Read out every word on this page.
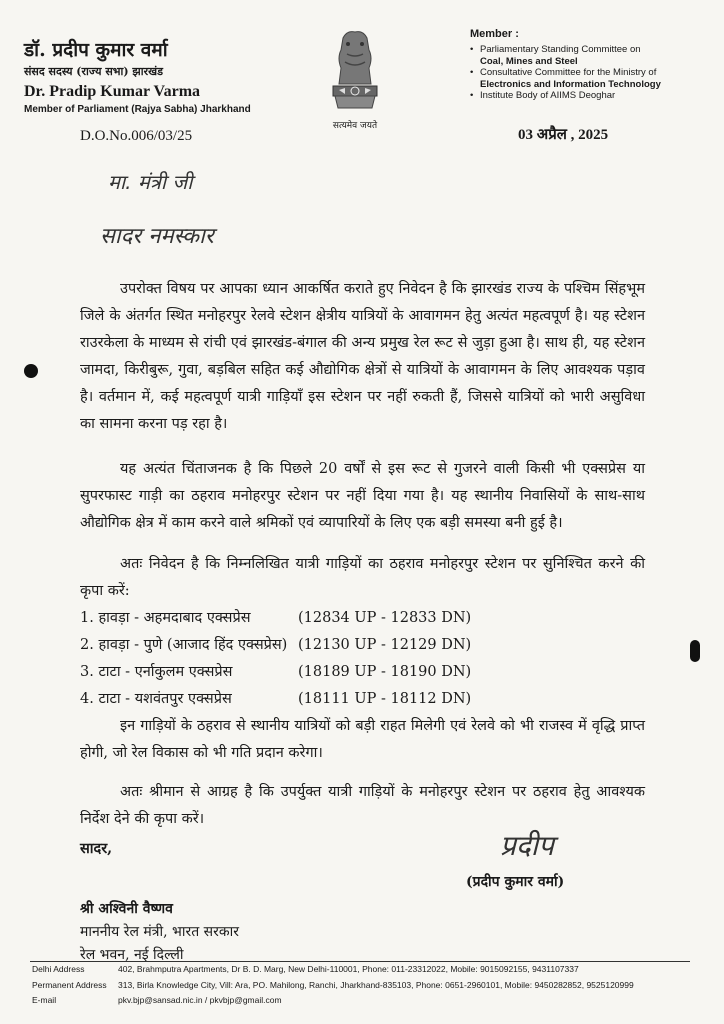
डॉ. प्रदीप कुमार वर्मा
संसद सदस्य (राज्य सभा) झारखंड
Dr. Pradip Kumar Varma
Member of Parliament (Rajya Sabha) Jharkhand
D.O.No.006/03/25
सत्यमेव जयते
Member :
• Parliamentary Standing Committee on
Coal, Mines and Steel
• Consultative Committee for the Ministry of
Electronics and Information Technology
• Institute Body of AIIMS Deoghar
03 अप्रैल , 2025
मा. मंत्री जी
सादर नमस्कार

उपरोक्त विषय पर आपका ध्यान आकर्षित कराते हुए निवेदन है कि झारखंड राज्य के पश्चिम सिंहभूम जिले के अंतर्गत स्थित मनोहरपुर रेलवे स्टेशन क्षेत्रीय यात्रियों के आवागमन हेतु अत्यंत महत्वपूर्ण है। यह स्टेशन राउरकेला के माध्यम से रांची एवं झारखंड-बंगाल की अन्य प्रमुख रेल रूट से जुड़ा हुआ है। साथ ही, यह स्टेशन जामदा, किरीबुरू, गुवा, बड़बिल सहित कई औद्योगिक क्षेत्रों से यात्रियों के आवागमन के लिए आवश्यक पड़ाव है। वर्तमान में, कई महत्वपूर्ण यात्री गाड़ियाँ इस स्टेशन पर नहीं रुकती हैं, जिससे यात्रियों को भारी असुविधा का सामना करना पड़ रहा है।

यह अत्यंत चिंताजनक है कि पिछले 20 वर्षों से इस रूट से गुजरने वाली किसी भी एक्सप्रेस या सुपरफास्ट गाड़ी का ठहराव मनोहरपुर स्टेशन पर नहीं दिया गया है। यह स्थानीय निवासियों के साथ-साथ औद्योगिक क्षेत्र में काम करने वाले श्रमिकों एवं व्यापारियों के लिए एक बड़ी समस्या बनी हुई है।

अतः निवेदन है कि निम्नलिखित यात्री गाड़ियों का ठहराव मनोहरपुर स्टेशन पर सुनिश्चित करने की कृपा करें:

1. हावड़ा - अहमदाबाद एक्सप्रेस	(12834 UP - 12833 DN)
2. हावड़ा - पुणे (आजाद हिंद एक्सप्रेस) (12130 UP - 12129 DN)
3. टाटा - एर्नाकुलम एक्सप्रेस	(18189 UP - 18190 DN)
4. टाटा - यशवंतपुर एक्सप्रेस	(18111 UP - 18112 DN)

इन गाड़ियों के ठहराव से स्थानीय यात्रियों को बड़ी राहत मिलेगी एवं रेलवे को भी राजस्व में वृद्धि प्राप्त होगी, जो रेल विकास को भी गति प्रदान करेगा।

अतः श्रीमान से आग्रह है कि उपर्युक्त यात्री गाड़ियों के मनोहरपुर स्टेशन पर ठहराव हेतु आवश्यक निर्देश देने की कृपा करें।

सादर,	प्रदीप
(प्रदीप कुमार वर्मा)
श्री अश्विनी वैष्णव
माननीय रेल मंत्री, भारत सरकार
रेल भवन, नई दिल्ली
Delhi Address	402, Brahmputra Apartments, Dr B. D. Marg, New Delhi-110001, Phone: 011-23312022, Mobile: 9015092155, 9431107337
Permanent Address	313, Birla Knowledge City, Vill: Ara, PO. Mahilong, Ranchi, Jharkhand-835103, Phone: 0651-2960101, Mobile: 9450282852, 9525120999
E-mail	pkv.bjp@sansad.nic.in / pkvbjp@gmail.com
